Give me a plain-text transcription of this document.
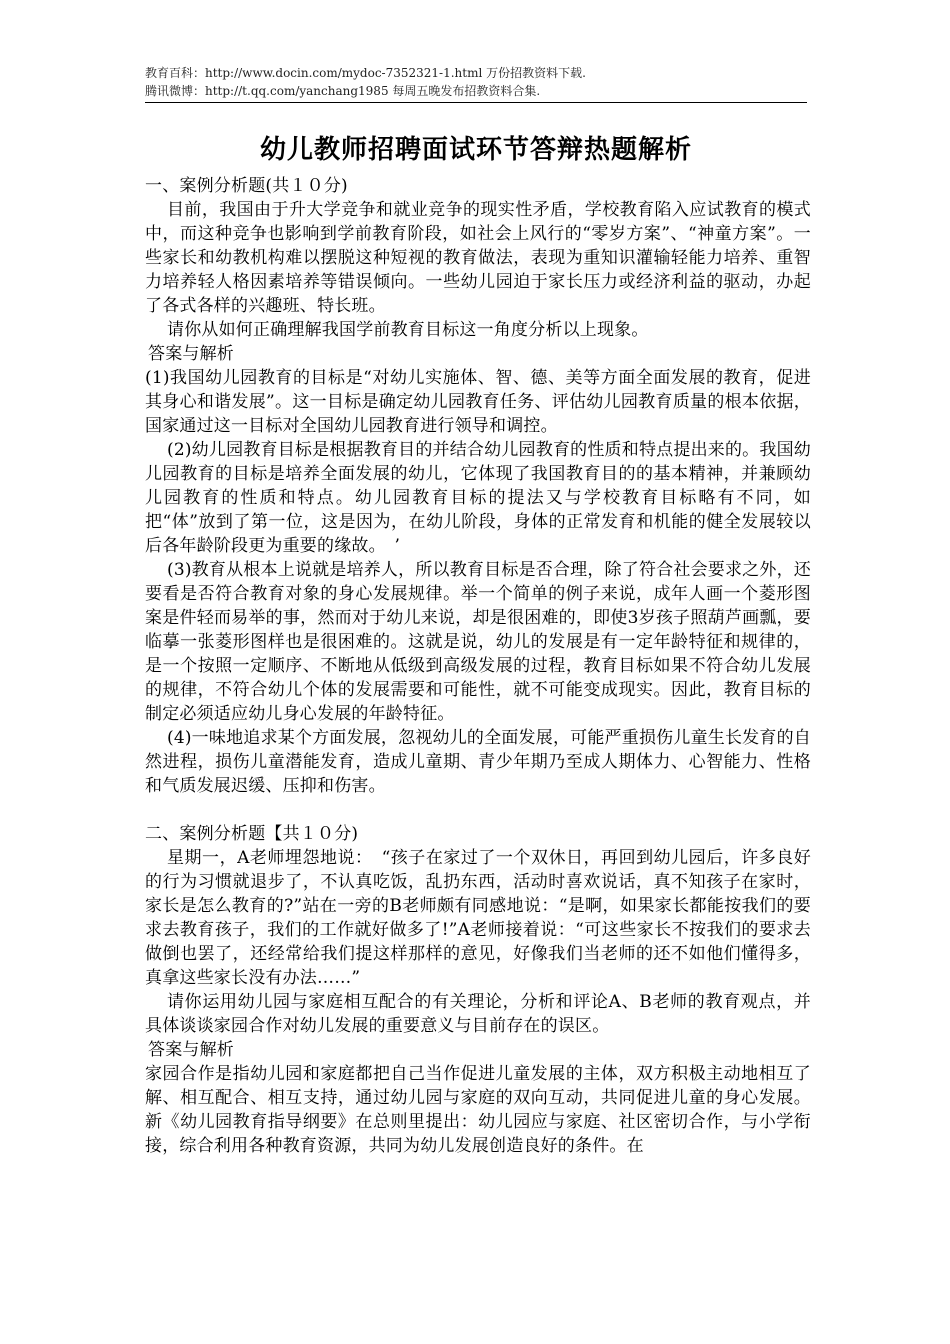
教育百科：http://www.docin.com/mydoc-7352321-1.html 万份招教资料下载.
腾讯微博：http://t.qq.com/yanchang1985 每周五晚发布招教资料合集.
幼儿教师招聘面试环节答辩热题解析

一、案例分析题(共１０分)

目前，我国由于升大学竞争和就业竞争的现实性矛盾，学校教育陷入应试教育的模式中，而这种竞争也影响到学前教育阶段，如社会上风行的“零岁方案”、“神童方案”。一些家长和幼教机构难以摆脱这种短视的教育做法，表现为重知识灌输轻能力培养、重智力培养轻人格因素培养等错误倾向。一些幼儿园迫于家长压力或经济利益的驱动，办起了各式各样的兴趣班、特长班。

请你从如何正确理解我国学前教育目标这一角度分析以上现象。

答案与解析

(1)我国幼儿园教育的目标是“对幼儿实施体、智、德、美等方面全面发展的教育，促进其身心和谐发展”。这一目标是确定幼儿园教育任务、评估幼儿园教育质量的根本依据，国家通过这一目标对全国幼儿园教育进行领导和调控。

(2)幼儿园教育目标是根据教育目的并结合幼儿园教育的性质和特点提出来的。我国幼儿园教育的目标是培养全面发展的幼儿，它体现了我国教育目的的基本精神，并兼顾幼儿园教育的性质和特点。幼儿园教育目标的提法又与学校教育目标略有不同，如把“体”放到了第一位，这是因为，在幼儿阶段，身体的正常发育和机能的健全发展较以后各年龄阶段更为重要的缘故。　’

(3)教育从根本上说就是培养人，所以教育目标是否合理，除了符合社会要求之外，还要看是否符合教育对象的身心发展规律。举一个简单的例子来说，成年人画一个菱形图案是件轻而易举的事，然而对于幼儿来说，却是很困难的，即使3岁孩子照葫芦画瓢，要临摹一张菱形图样也是很困难的。这就是说，幼儿的发展是有一定年龄特征和规律的，是一个按照一定顺序、不断地从低级到高级发展的过程，教育目标如果不符合幼儿发展的规律，不符合幼儿个体的发展需要和可能性，就不可能变成现实。因此，教育目标的制定必须适应幼儿身心发展的年龄特征。

(4)一味地追求某个方面发展，忽视幼儿的全面发展，可能严重损伤儿童生长发育的自然进程，损伤儿童潜能发育，造成儿童期、青少年期乃至成人期体力、心智能力、性格和气质发展迟缓、压抑和伤害。

二、案例分析题【共１０分)

星期一，A老师埋怨地说：　“孩子在家过了一个双休日，再回到幼儿园后，许多良好的行为习惯就退步了，不认真吃饭，乱扔东西，活动时喜欢说话，真不知孩子在家时，家长是怎么教育的?”站在一旁的B老师颇有同感地说：“是啊，如果家长都能按我们的要求去教育孩子，我们的工作就好做多了!”A老师接着说：“可这些家长不按我们的要求去做倒也罢了，还经常给我们提这样那样的意见，好像我们当老师的还不如他们懂得多，真拿这些家长没有办法……”

请你运用幼儿园与家庭相互配合的有关理论，分析和评论A、B老师的教育观点，并具体谈谈家园合作对幼儿发展的重要意义与目前存在的误区。

答案与解析

家园合作是指幼儿园和家庭都把自己当作促进儿童发展的主体，双方积极主动地相互了解、相互配合、相互支持，通过幼儿园与家庭的双向互动，共同促进儿童的身心发展。新《幼儿园教育指导纲要》在总则里提出：幼儿园应与家庭、社区密切合作，与小学衔接，综合利用各种教育资源，共同为幼儿发展创造良好的条件。在
